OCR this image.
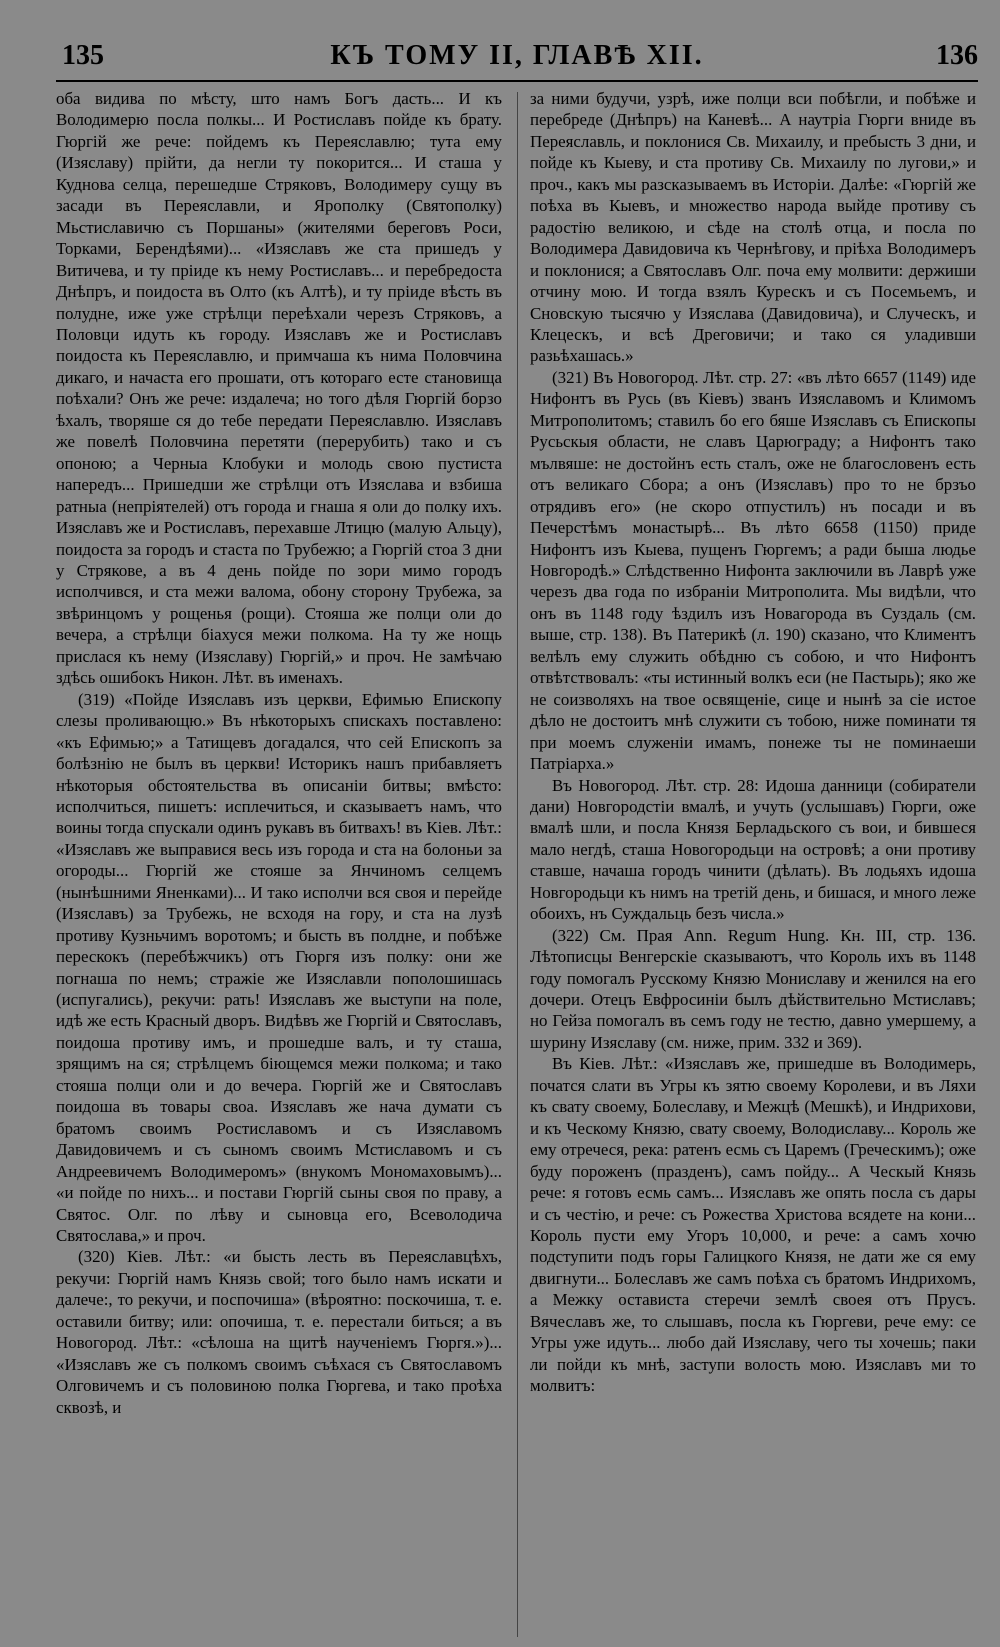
135	КЪ ТОМУ II, ГЛАВѢ XII.	136

оба видива по мѣсту, што намъ Богъ дасть... И къ Володимерю посла полкы... И Ростиславъ пойде къ брату. Гюргій же рече: пойдемъ къ Переяславлю; тута ему (Изяславу) прійти, да негли ту покорится... И сташа у Куднова селца, перешедше Стряковъ, Володимеру сущу въ засади въ Переяславли, и Ярополку (Святополку) Мьстиславичю съ Поршаны» (жителями береговъ Роси, Торками, Берендѣями)... «Изяславъ же ста пришедъ у Витичева, и ту пріиде къ нему Ростиславъ... и перебредоста Днѣпръ, и поидоста въ Олто (къ Алтѣ), и ту пріиде вѣсть въ полудне, иже уже стрѣлци переѣхали черезъ Стряковъ, а Половци идуть къ городу. Изяславъ же и Ростиславъ поидоста къ Переяславлю, и примчаша къ нима Половчина дикаго, и начаста его прошати, отъ котораго есте становища поѣхали? Онъ же рече: издалеча; но того дѣля Гюргій борзо ѣхалъ, творяше ся до тебе передати Переяславлю. Изяславъ же повелѣ Половчина перетяти (перерубить) тако и съ опоною; а Черныа Клобуки и молодь свою пустиста напередъ... Пришедши же стрѣлци отъ Изяслава и взбиша ратныа (непріятелей) отъ города и гнаша я оли до полку ихъ. Изяславъ же и Ростиславъ, перехавше Лтицю (малую Альцу), поидоста за городъ и стаста по Трубежю; а Гюргій стоа 3 дни у Стрякове, а въ 4 день пойде по зори мимо городъ исполчився, и ста межи валома, обону сторону Трубежа, за звѣринцомъ у рощенья (рощи). Стояша же полци оли до вечера, а стрѣлци біахуся межи полкома. На ту же нощь прислася къ нему (Изяславу) Гюргій,» и проч. Не замѣчаю здѣсь ошибокъ Никон. Лѣт. въ именахъ.

(319) «Пойде Изяславъ изъ церкви, Ефимью Епископу слезы проливающю.» Въ нѣкоторыхъ спискахъ поставлено: «къ Ефимью;» а Татищевъ догадался, что сей Епископъ за болѣзнію не былъ въ церкви! Историкъ нашъ прибавляетъ нѣкоторыя обстоятельства въ описаніи битвы; вмѣсто: исполчиться, пишетъ: исплечиться, и сказываетъ намъ, что воины тогда спускали одинъ рукавъ въ битвахъ! въ Кіев. Лѣт.: «Изяславъ же выправися весь изъ города и ста на болоньи за огороды... Гюргій же стояше за Янчиномъ селцемъ (нынѣшними Яненками)... И тако исполчи вся своя и перейде (Изяславъ) за Трубежь, не всходя на гору, и ста на лузѣ противу Кузньчимъ воротомъ; и бысть въ полдне, и побѣже перескокъ (перебѣжчикъ) отъ Гюргя изъ полку: они же погнаша по немъ; стражіе же Изяславли пополошишась (испугались), рекучи: рать! Изяславъ же выступи на поле, идѣ же есть Красный дворъ. Видѣвъ же Гюргій и Святославъ, поидоша противу имъ, и прошедше валъ, и ту сташа, зрящимъ на ся; стрѣлцемъ біющемся межи полкома; и тако стояша полци оли и до вечера. Гюргій же и Святославъ поидоша въ товары своа. Изяславъ же нача думати съ братомъ своимъ Ростиславомъ и съ Изяславомъ Давидовичемъ и съ сыномъ своимъ Мстиславомъ и съ Андреевичемъ Володимеромъ» (внукомъ Мономаховымъ)... «и пойде по нихъ... и постави Гюргій сыны своя по праву, а Святос. Олг. по лѣву и сыновца его, Всеволодича Святослава,» и проч.

(320) Кіев. Лѣт.: «и бысть лесть въ Переяславцѣхъ, рекучи: Гюргій намъ Князь свой; того было намъ искати и далече:, то рекучи, и поспочиша» (вѣроятно: поскочиша, т. е. оставили битву; или: опочиша, т. е. перестали биться; а въ Новогород. Лѣт.: «сѣлоша на щитѣ наученіемъ Гюргя.»)... «Изяславъ же съ полкомъ своимъ съѣхася съ Святославомъ Олговичемъ и съ половиною полка Гюргева, и тако проѣха сквозѣ, и

за ними будучи, узрѣ, иже полци вси побѣгли, и побѣже и перебреде (Днѣпръ) на Каневѣ... А наутріа Гюрги вниде въ Переяславль, и поклонися Св. Михаилу, и пребысть 3 дни, и пойде къ Кыеву, и ста противу Св. Михаилу по лугови,» и проч., какъ мы разсказываемъ въ Исторіи. Далѣе: «Гюргій же поѣха въ Кыевъ, и множество народа выйде противу съ радостію великою, и сѣде на столѣ отца, и посла по Володимера Давидовича къ Чернѣгову, и пріѣха Володимеръ и поклонися; а Святославъ Олг. поча ему молвити: держиши отчину мою. И тогда взялъ Курескъ и съ Посемьемъ, и Сновскую тысячю у Изяслава (Давидовича), и Случескъ, и Клецескъ, и всѣ Дреговичи; и тако ся уладивши разьѣхашась.»

(321) Въ Новогород. Лѣт. стр. 27: «въ лѣто 6657 (1149) иде Нифонтъ въ Русь (въ Кіевъ) званъ Изяславомъ и Климомъ Митрополитомъ; ставилъ бо его бяше Изяславъ съ Епископы Русьскыя области, не славъ Царюграду; а Нифонтъ тако мълвяше: не достойнъ есть сталъ, оже не благословенъ есть отъ великаго Сбора; а онъ (Изяславъ) про то не брзъо отрядивъ его» (не скоро отпустилъ) нъ посади и въ Печерстѣмъ монастырѣ... Въ лѣто 6658 (1150) приде Нифонтъ изъ Кыева, пущенъ Гюргемъ; а ради быша людье Новгородѣ.» Слѣдственно Нифонта заключили въ Лаврѣ уже черезъ два года по избраніи Митрополита. Мы видѣли, что онъ въ 1148 году ѣздилъ изъ Новагорода въ Суздаль (см. выше, стр. 138). Въ Патерикѣ (л. 190) сказано, что Климентъ велѣлъ ему служить обѣдню съ собою, и что Нифонтъ отвѣтствовалъ: «ты истинный волкъ еси (не Пастырь); яко же не соизволяхъ на твое освященіе, сице и нынѣ за сіе истое дѣло не достоитъ мнѣ служити съ тобою, ниже поминати тя при моемъ служеніи имамъ, понеже ты не поминаеши Патріарха.»

Въ Новогород. Лѣт. стр. 28: Идоша данници (собиратели дани) Новгородстіи вмалѣ, и учуть (услышавъ) Гюрги, оже вмалѣ шли, и посла Князя Берладьского съ вои, и бившеся мало негдѣ, сташа Новогородьци на островѣ; а они противу ставше, начаша городъ чинити (дѣлать). Въ лодьяхъ идоша Новгородьци къ нимъ на третій день, и бишася, и много леже обоихъ, нъ Суждальць безъ числа.»

(322) См. Прая Ann. Regum Hung. Кн. III, стр. 136. Лѣтописцы Венгерскіе сказываютъ, что Король ихъ въ 1148 году помогалъ Русскому Князю Мониславу и женился на его дочери. Отецъ Евфросиніи былъ дѣйствительно Мстиславъ; но Гейза помогалъ въ семъ году не тестю, давно умершему, а шурину Изяславу (см. ниже, прим. 332 и 369).

Въ Кіев. Лѣт.: «Изяславъ же, пришедше въ Володимерь, початся слати въ Угры къ зятю своему Королеви, и въ Ляхи къ свату своему, Болеславу, и Межцѣ (Мешкѣ), и Индрихови, и къ Ческому Князю, свату своему, Володиславу... Король же ему отречеся, река: ратенъ есмь съ Царемъ (Греческимъ); оже буду пороженъ (празденъ), самъ пойду... А Ческый Князь рече: я готовъ есмь самъ... Изяславъ же опять посла съ дары и съ честію, и рече: съ Рожества Христова всядете на кони... Король пусти ему Угоръ 10,000, и рече: а самъ хочю подступити подъ горы Галицкого Князя, не дати же ся ему двигнути... Болеславъ же самъ поѣха съ братомъ Индрихомъ, а Межку остависта стеречи землѣ своея отъ Прусъ. Вячеславъ же, то слышавъ, посла къ Гюргеви, рече ему: се Угры уже идуть... любо дай Изяславу, чего ты хочешь; паки ли пойди къ мнѣ, заступи волость мою. Изяславъ ми то молвитъ:
